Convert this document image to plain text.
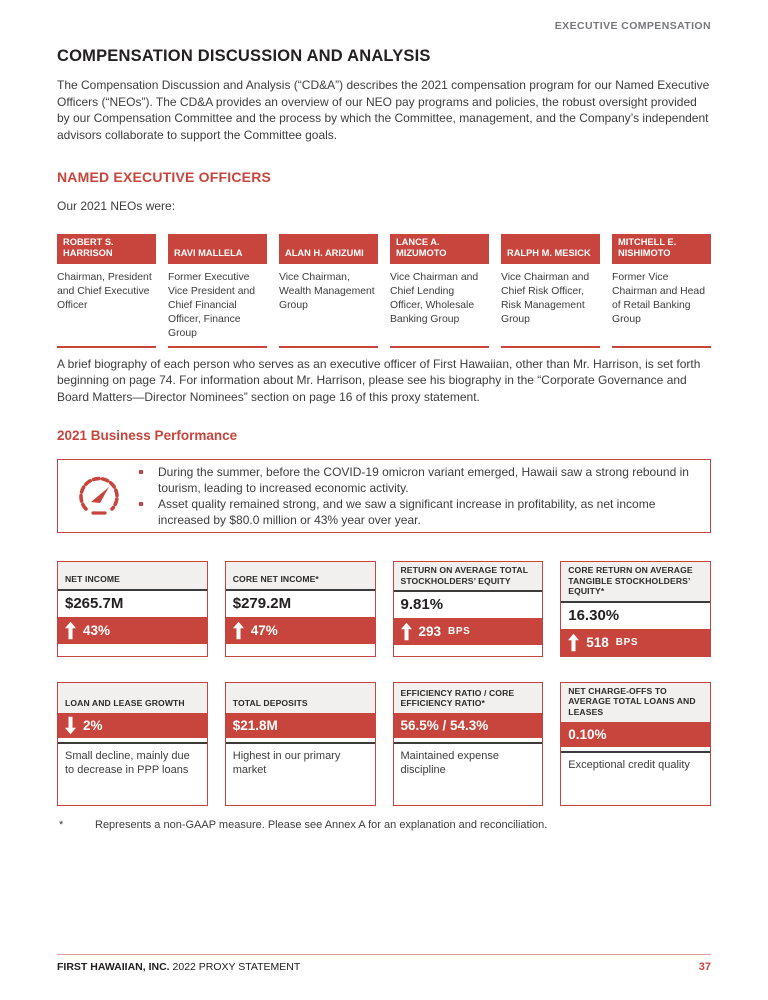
EXECUTIVE COMPENSATION
COMPENSATION DISCUSSION AND ANALYSIS

The Compensation Discussion and Analysis (“CD&A”) describes the 2021 compensation program for our Named Executive Officers (“NEOs”). The CD&A provides an overview of our NEO pay programs and policies, the robust oversight provided by our Compensation Committee and the process by which the Committee, management, and the Company’s independent advisors collaborate to support the Committee goals.

NAMED EXECUTIVE OFFICERS

Our 2021 NEOs were:

ROBERT S. HARRISON
Chairman, President and Chief Executive Officer
RAVI MALLELA
Former Executive Vice President and Chief Financial Officer, Finance Group
ALAN H. ARIZUMI
Vice Chairman, Wealth Management Group
LANCE A. MIZUMOTO
Vice Chairman and Chief Lending Officer, Wholesale Banking Group
RALPH M. MESICK
Vice Chairman and Chief Risk Officer, Risk Management Group
MITCHELL E. NISHIMOTO
Former Vice Chairman and Head of Retail Banking Group

A brief biography of each person who serves as an executive officer of First Hawaiian, other than Mr. Harrison, is set forth beginning on page 74. For information about Mr. Harrison, please see his biography in the “Corporate Governance and Board Matters—Director Nominees” section on page 16 of this proxy statement.

2021 Business Performance
During the summer, before the COVID-19 omicron variant emerged, Hawaii saw a strong rebound in tourism, leading to increased economic activity.
Asset quality remained strong, and we saw a significant increase in profitability, as net income increased by $80.0 million or 43% year over year.
NET INCOME
$265.7M
43%
CORE NET INCOME*
$279.2M
47%
RETURN ON AVERAGE TOTAL STOCKHOLDERS’ EQUITY
9.81%
293 BPS
CORE RETURN ON AVERAGE TANGIBLE STOCKHOLDERS’ EQUITY*
16.30%
518 BPS
LOAN AND LEASE GROWTH
2%
Small decline, mainly due to decrease in PPP loans
TOTAL DEPOSITS
$21.8M
Highest in our primary market
EFFICIENCY RATIO / CORE EFFICIENCY RATIO*
56.5% / 54.3%
Maintained expense discipline
NET CHARGE-OFFS TO AVERAGE TOTAL LOANS AND LEASES
0.10%
Exceptional credit quality
*	Represents a non-GAAP measure. Please see Annex A for an explanation and reconciliation.
FIRST HAWAIIAN, INC. 2022 PROXY STATEMENT	37
